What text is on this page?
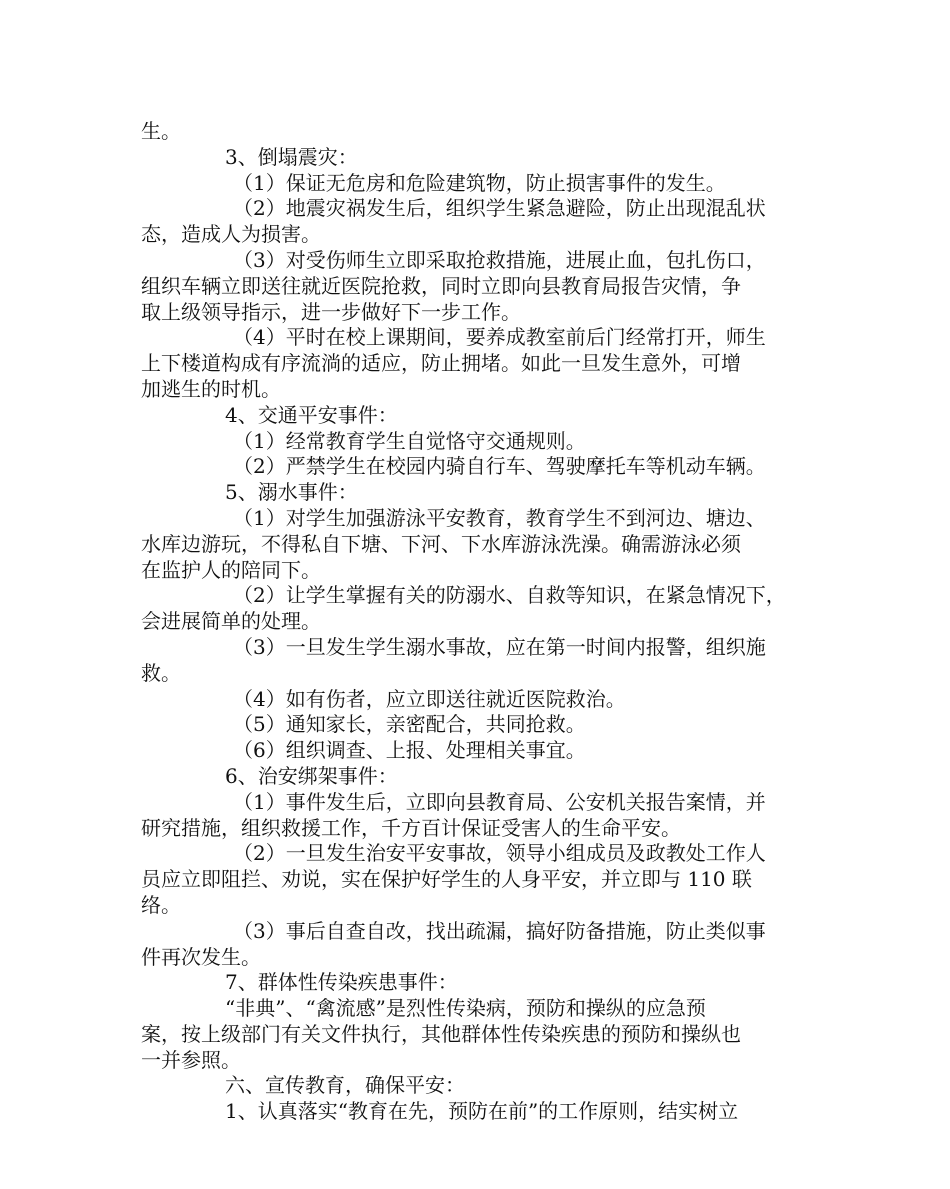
生。
3、倒塌震灾：
（1）保证无危房和危险建筑物，防止损害事件的发生。
（2）地震灾祸发生后，组织学生紧急避险，防止出现混乱状
态，造成人为损害。
（3）对受伤师生立即采取抢救措施，进展止血，包扎伤口，
组织车辆立即送往就近医院抢救，同时立即向县教育局报告灾情，争
取上级领导指示，进一步做好下一步工作。
（4）平时在校上课期间，要养成教室前后门经常打开，师生
上下楼道构成有序流淌的适应，防止拥堵。如此一旦发生意外，可增
加逃生的时机。
4、交通平安事件：
（1）经常教育学生自觉恪守交通规则。
（2）严禁学生在校园内骑自行车、驾驶摩托车等机动车辆。
5、溺水事件：
（1）对学生加强游泳平安教育，教育学生不到河边、塘边、
水库边游玩，不得私自下塘、下河、下水库游泳洗澡。确需游泳必须
在监护人的陪同下。
（2）让学生掌握有关的防溺水、自救等知识，在紧急情况下，
会进展简单的处理。
（3）一旦发生学生溺水事故，应在第一时间内报警，组织施
救。
（4）如有伤者，应立即送往就近医院救治。
（5）通知家长，亲密配合，共同抢救。
（6）组织调查、上报、处理相关事宜。
6、治安绑架事件：
（1）事件发生后，立即向县教育局、公安机关报告案情，并
研究措施，组织救援工作，千方百计保证受害人的生命平安。
（2）一旦发生治安平安事故，领导小组成员及政教处工作人
员应立即阻拦、劝说，实在保护好学生的人身平安，并立即与 110 联
络。
（3）事后自查自改，找出疏漏，搞好防备措施，防止类似事
件再次发生。
7、群体性传染疾患事件：
“非典”、“禽流感”是烈性传染病，预防和操纵的应急预
案，按上级部门有关文件执行，其他群体性传染疾患的预防和操纵也
一并参照。
六、宣传教育，确保平安：
1、认真落实“教育在先，预防在前”的工作原则，结实树立
